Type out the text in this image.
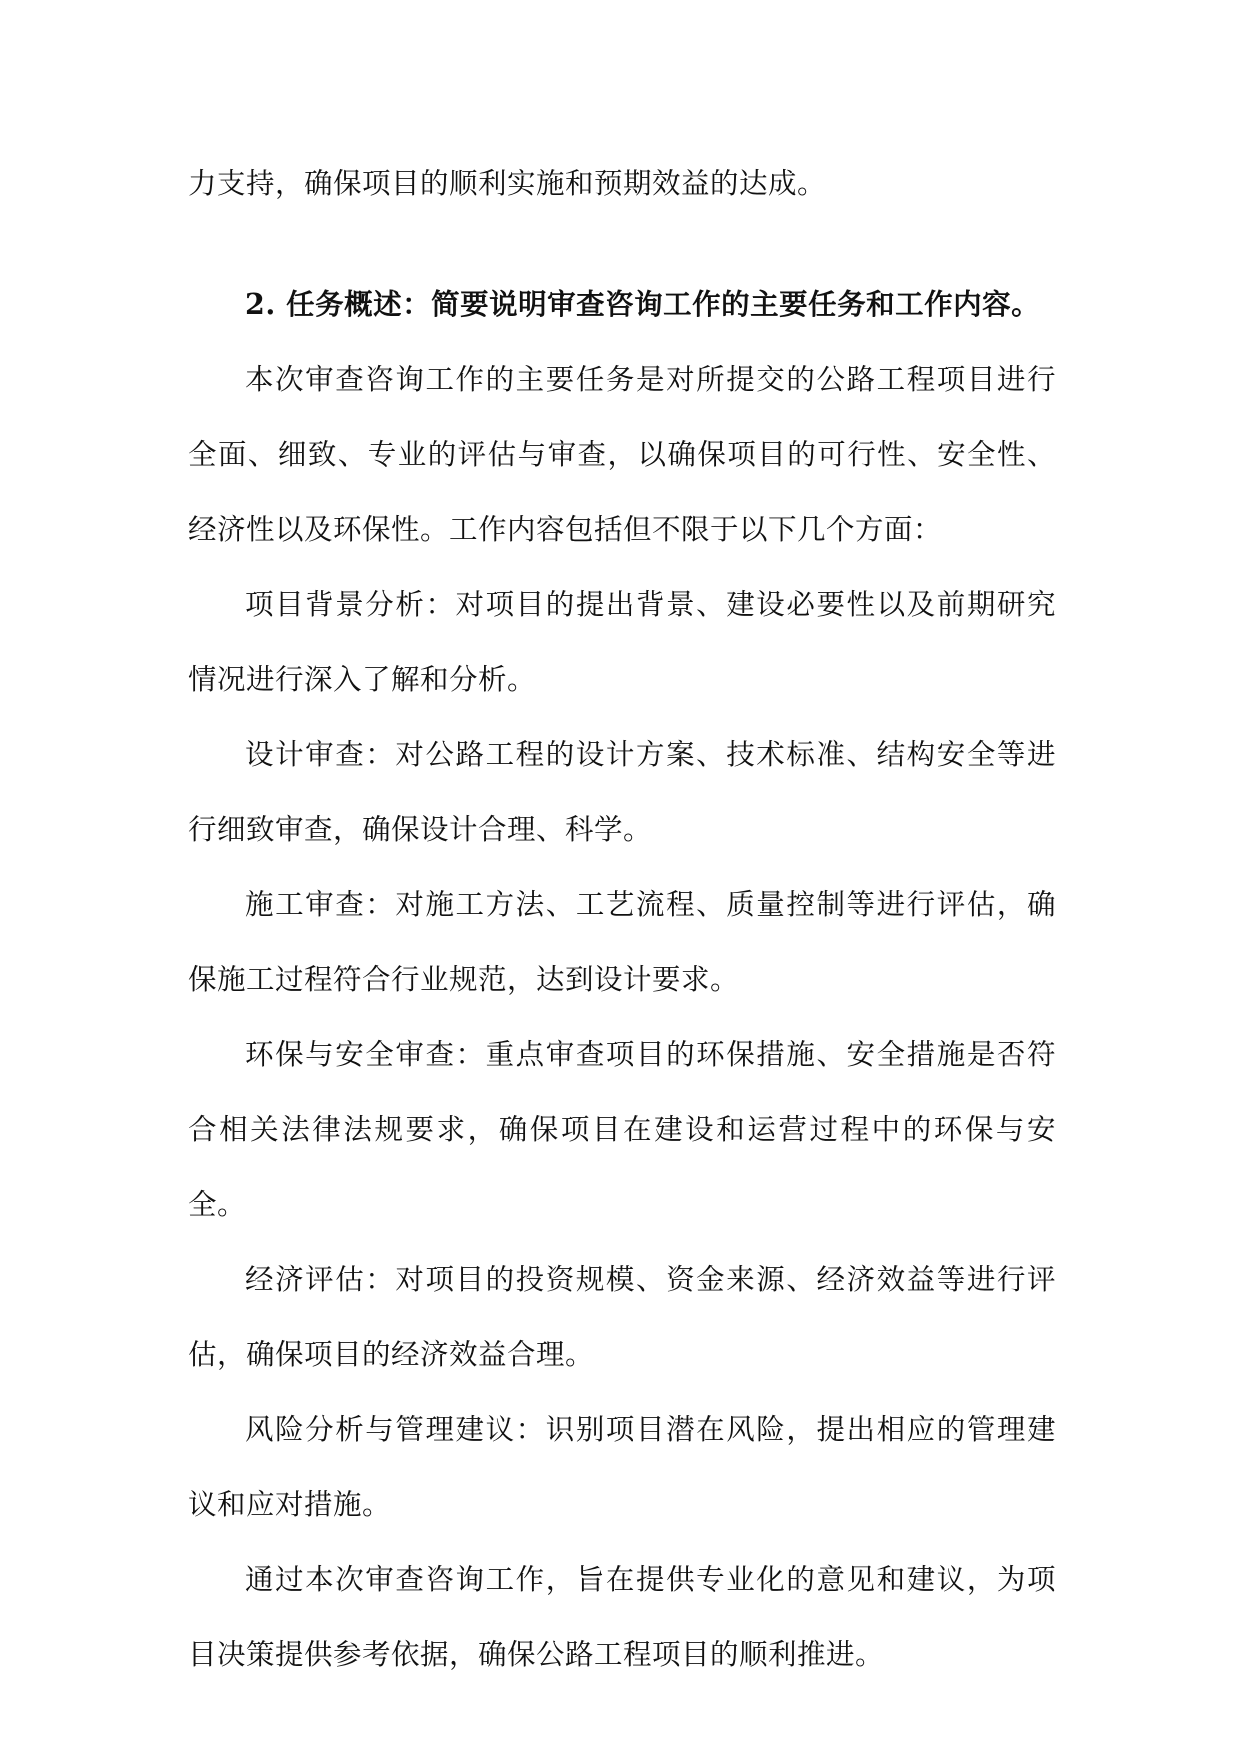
力支持，确保项目的顺利实施和预期效益的达成。

2. 任务概述：简要说明审查咨询工作的主要任务和工作内容。

本次审查咨询工作的主要任务是对所提交的公路工程项目进行全面、细致、专业的评估与审查，以确保项目的可行性、安全性、经济性以及环保性。工作内容包括但不限于以下几个方面：

项目背景分析：对项目的提出背景、建设必要性以及前期研究情况进行深入了解和分析。

设计审查：对公路工程的设计方案、技术标准、结构安全等进行细致审查，确保设计合理、科学。

施工审查：对施工方法、工艺流程、质量控制等进行评估，确保施工过程符合行业规范，达到设计要求。

环保与安全审查：重点审查项目的环保措施、安全措施是否符合相关法律法规要求，确保项目在建设和运营过程中的环保与安全。

经济评估：对项目的投资规模、资金来源、经济效益等进行评估，确保项目的经济效益合理。

风险分析与管理建议：识别项目潜在风险，提出相应的管理建议和应对措施。

通过本次审查咨询工作，旨在提供专业化的意见和建议，为项目决策提供参考依据，确保公路工程项目的顺利推进。
